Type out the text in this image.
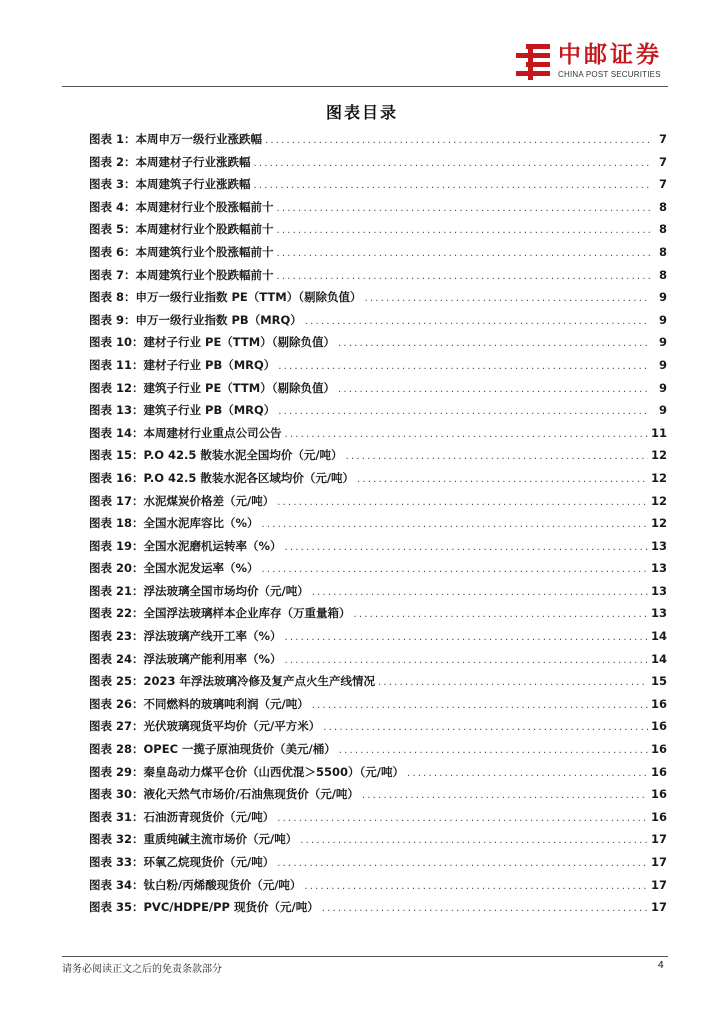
中邮证券
CHINA POST SECURITIES
图表目录
图表 1：本周申万一级行业涨跌幅 .....	7
图表 2：本周建材子行业涨跌幅 .....	7
图表 3：本周建筑子行业涨跌幅 .....	7
图表 4：本周建材行业个股涨幅前十 .....	8
图表 5：本周建材行业个股跌幅前十 .....	8
图表 6：本周建筑行业个股涨幅前十 .....	8
图表 7：本周建筑行业个股跌幅前十 .....	8
图表 8：申万一级行业指数 PE（TTM）（剔除负值） .....	9
图表 9：申万一级行业指数 PB（MRQ） .....	9
图表 10：建材子行业 PE（TTM）（剔除负值） .....	9
图表 11：建材子行业 PB（MRQ） .....	9
图表 12：建筑子行业 PE（TTM）（剔除负值） .....	9
图表 13：建筑子行业 PB（MRQ） .....	9
图表 14：本周建材行业重点公司公告 .....	11
图表 15：P.O 42.5 散装水泥全国均价（元/吨） .....	12
图表 16：P.O 42.5 散装水泥各区域均价（元/吨） .....	12
图表 17：水泥煤炭价格差（元/吨） .....	12
图表 18：全国水泥库容比（%） .....	12
图表 19：全国水泥磨机运转率（%） .....	13
图表 20：全国水泥发运率（%） .....	13
图表 21：浮法玻璃全国市场均价（元/吨） .....	13
图表 22：全国浮法玻璃样本企业库存（万重量箱） .....	13
图表 23：浮法玻璃产线开工率（%） .....	14
图表 24：浮法玻璃产能利用率（%） .....	14
图表 25：2023 年浮法玻璃冷修及复产点火生产线情况 .....	15
图表 26：不同燃料的玻璃吨利润（元/吨） .....	16
图表 27：光伏玻璃现货平均价（元/平方米） .....	16
图表 28：OPEC 一揽子原油现货价（美元/桶） .....	16
图表 29：秦皇岛动力煤平仓价（山西优混＞5500）（元/吨） .....	16
图表 30：液化天然气市场价/石油焦现货价（元/吨） .....	16
图表 31：石油沥青现货价（元/吨） .....	16
图表 32：重质纯碱主流市场价（元/吨） .....	17
图表 33：环氧乙烷现货价（元/吨） .....	17
图表 34：钛白粉/丙烯酸现货价（元/吨） .....	17
图表 35：PVC/HDPE/PP 现货价（元/吨） .....	17
请务必阅读正文之后的免责条款部分	4
